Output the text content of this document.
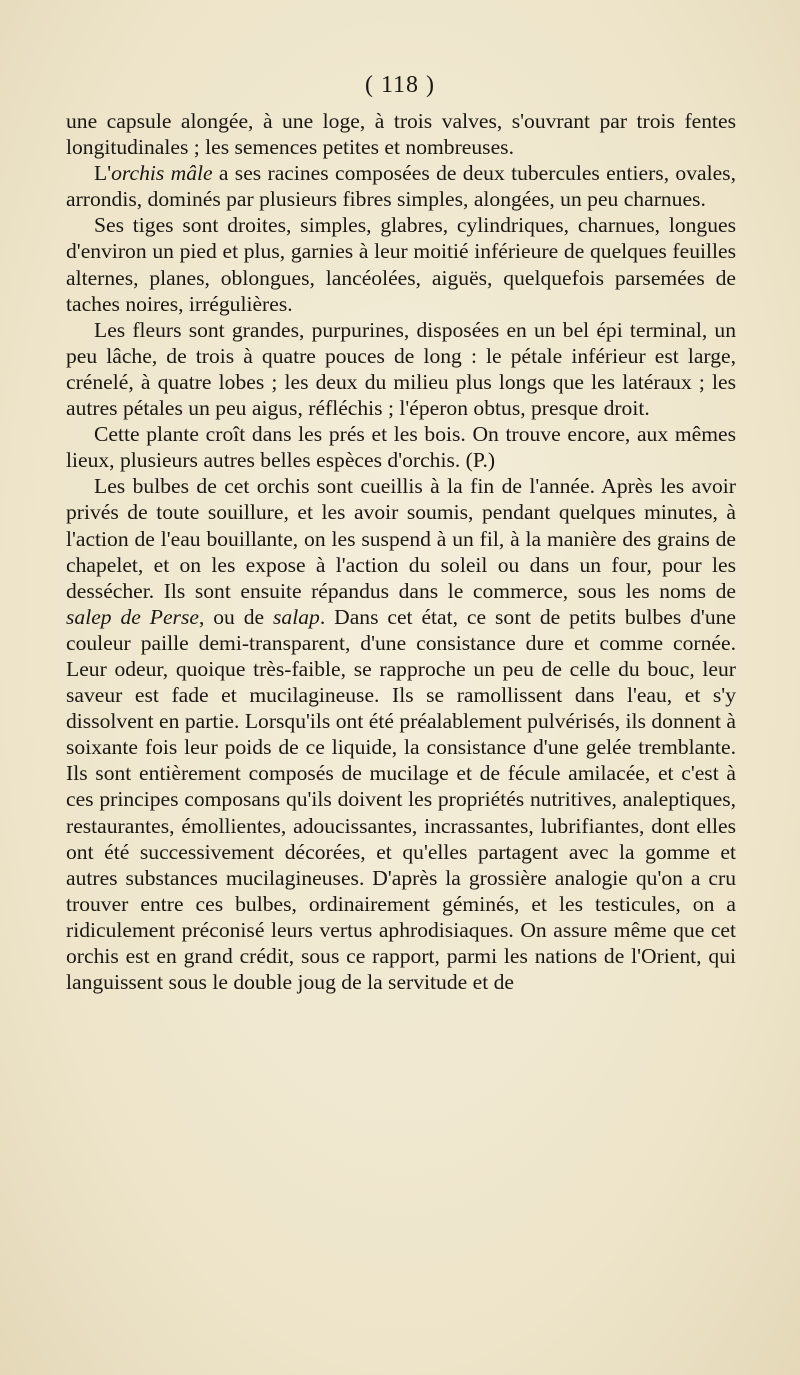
( 118 )

une capsule alongée, à une loge, à trois valves, s'ouvrant par trois fentes longitudinales ; les semences petites et nombreuses.

L'orchis mâle a ses racines composées de deux tubercules entiers, ovales, arrondis, dominés par plusieurs fibres simples, alongées, un peu charnues.

Ses tiges sont droites, simples, glabres, cylindriques, charnues, longues d'environ un pied et plus, garnies à leur moitié inférieure de quelques feuilles alternes, planes, oblongues, lancéolées, aiguës, quelquefois parsemées de taches noires, irrégulières.

Les fleurs sont grandes, purpurines, disposées en un bel épi terminal, un peu lâche, de trois à quatre pouces de long : le pétale inférieur est large, crénelé, à quatre lobes ; les deux du milieu plus longs que les latéraux ; les autres pétales un peu aigus, réfléchis ; l'éperon obtus, presque droit.

Cette plante croît dans les prés et les bois. On trouve encore, aux mêmes lieux, plusieurs autres belles espèces d'orchis. (P.)

Les bulbes de cet orchis sont cueillis à la fin de l'année. Après les avoir privés de toute souillure, et les avoir soumis, pendant quelques minutes, à l'action de l'eau bouillante, on les suspend à un fil, à la manière des grains de chapelet, et on les expose à l'action du soleil ou dans un four, pour les dessécher. Ils sont ensuite répandus dans le commerce, sous les noms de salep de Perse, ou de salap. Dans cet état, ce sont de petits bulbes d'une couleur paille demi-transparent, d'une consistance dure et comme cornée. Leur odeur, quoique très-faible, se rapproche un peu de celle du bouc, leur saveur est fade et mucilagineuse. Ils se ramollissent dans l'eau, et s'y dissolvent en partie. Lorsqu'ils ont été préalablement pulvérisés, ils donnent à soixante fois leur poids de ce liquide, la consistance d'une gelée tremblante. Ils sont entièrement composés de mucilage et de fécule amilacée, et c'est à ces principes composans qu'ils doivent les propriétés nutritives, analeptiques, restaurantes, émollientes, adoucissantes, incrassantes, lubrifiantes, dont elles ont été successivement décorées, et qu'elles partagent avec la gomme et autres substances mucilagineuses. D'après la grossière analogie qu'on a cru trouver entre ces bulbes, ordinairement géminés, et les testicules, on a ridiculement préconisé leurs vertus aphrodisiaques. On assure même que cet orchis est en grand crédit, sous ce rapport, parmi les nations de l'Orient, qui languissent sous le double joug de la servitude et de
